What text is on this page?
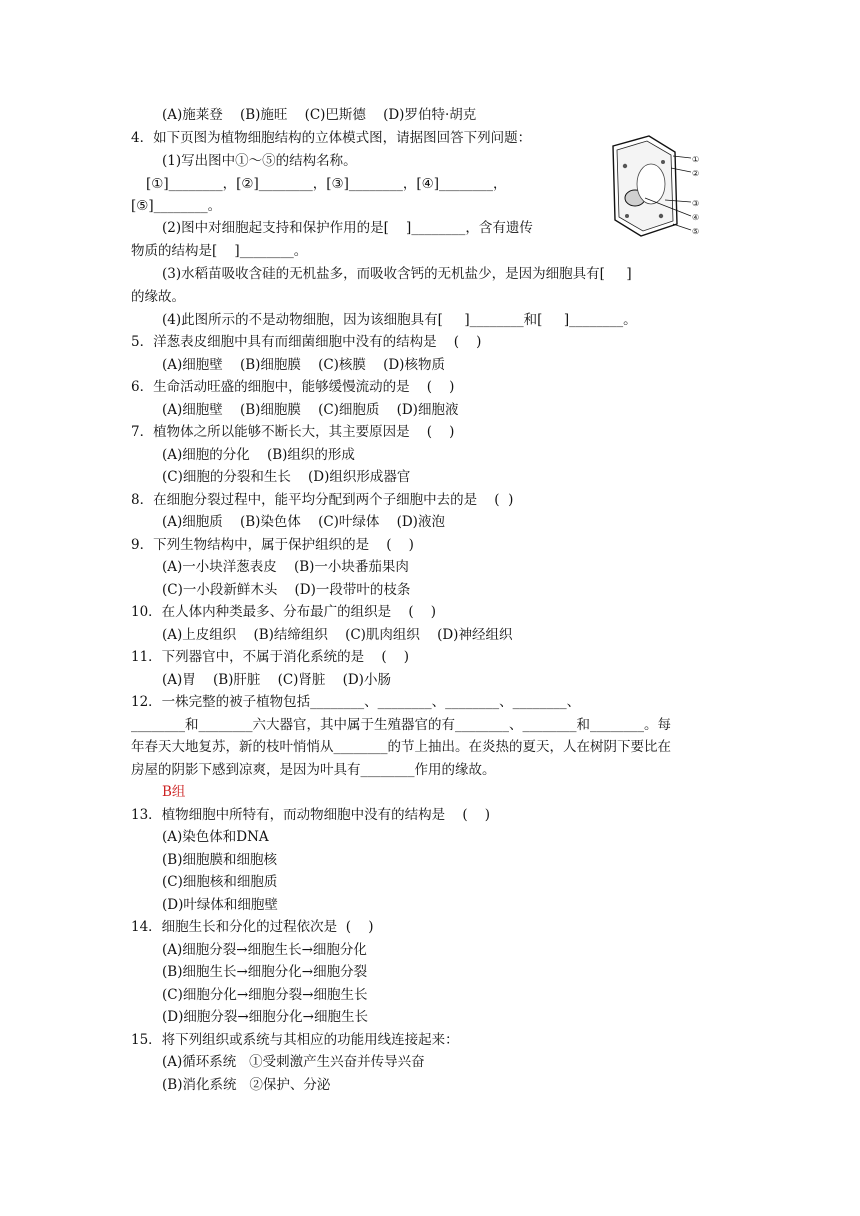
(A)施莱登    (B)施旺    (C)巴斯德    (D)罗伯特·胡克
4．如下页图为植物细胞结构的立体模式图，请据图回答下列问题：
(1)写出图中①～⑤的结构名称。
[①]________，[②]________，[③]________，[④]________，
[⑤]________。
(2)图中对细胞起支持和保护作用的是[    ]________，含有遗传
物质的结构是[    ]________。
(3)水稻苗吸收含硅的无机盐多，而吸收含钙的无机盐少，是因为细胞具有[     ]
的缘故。
(4)此图所示的不是动物细胞，因为该细胞具有[     ]________和[     ]________。
5．洋葱表皮细胞中具有而细菌细胞中没有的结构是    (    )
(A)细胞壁    (B)细胞膜    (C)核膜    (D)核物质
6．生命活动旺盛的细胞中，能够缓慢流动的是    (    )
(A)细胞壁    (B)细胞膜    (C)细胞质    (D)细胞液
7．植物体之所以能够不断长大，其主要原因是    (    )
(A)细胞的分化    (B)组织的形成
(C)细胞的分裂和生长    (D)组织形成器官
8．在细胞分裂过程中，能平均分配到两个子细胞中去的是    (  )
(A)细胞质    (B)染色体    (C)叶绿体    (D)液泡
9．下列生物结构中，属于保护组织的是    (    )
(A)一小块洋葱表皮    (B)一小块番茄果肉
(C)一小段新鲜木头    (D)一段带叶的枝条
10．在人体内种类最多、分布最广的组织是    (    )
(A)上皮组织    (B)结缔组织    (C)肌肉组织    (D)神经组织
11．下列器官中，不属于消化系统的是    (    )
(A)胃    (B)肝脏    (C)肾脏    (D)小肠
12．一株完整的被子植物包括________、________、________、________、
________和________六大器官，其中属于生殖器官的有________、________和________。每
年春天大地复苏，新的枝叶悄悄从________的节上抽出。在炎热的夏天，人在树阴下要比在
房屋的阴影下感到凉爽，是因为叶具有________作用的缘故。
B组
13．植物细胞中所特有，而动物细胞中没有的结构是    (    )
(A)染色体和DNA
(B)细胞膜和细胞核
(C)细胞核和细胞质
(D)叶绿体和细胞壁
14．细胞生长和分化的过程依次是  (    )
(A)细胞分裂→细胞生长→细胞分化
(B)细胞生长→细胞分化→细胞分裂
(C)细胞分化→细胞分裂→细胞生长
(D)细胞分裂→细胞分化→细胞生长
15．将下列组织或系统与其相应的功能用线连接起来：
(A)循环系统   ①受刺激产生兴奋并传导兴奋
(B)消化系统   ②保护、分泌
①
②
③
④
⑤
